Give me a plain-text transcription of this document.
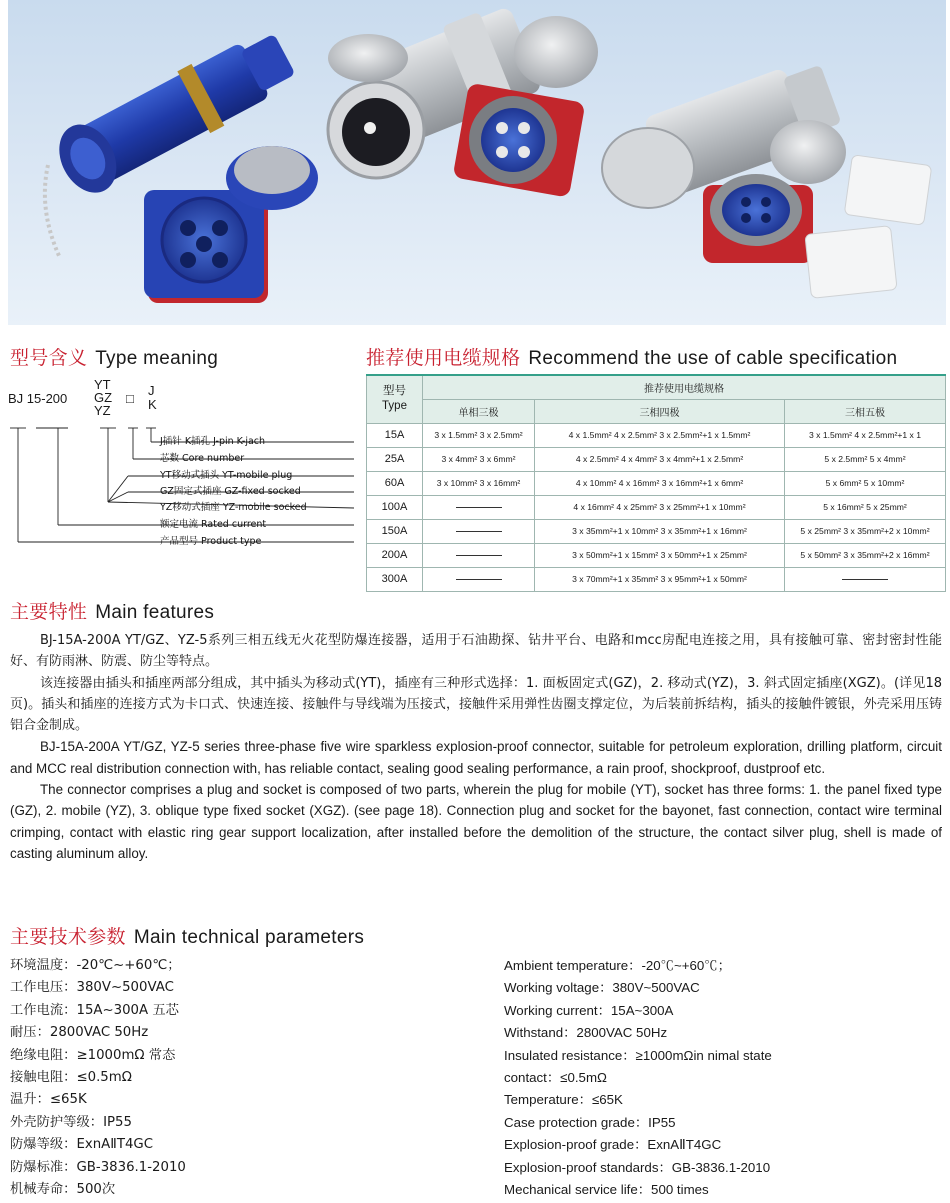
型号含义 Type meaning
BJ 15-200
YT
GZ
YZ
□
J
K
J插针 K插孔 J-pin K-jach
芯数 Core number
YT移动式插头 YT-mobile plug
GZ固定式插座 GZ-fixed socked
YZ移动式插座 YZ-mobile socked
额定电流 Rated current
产品型号 Product type
推荐使用电缆规格 Recommend the use of cable specification
型号
Type	推荐使用电缆规格		
	单相三极	三相四极	三相五极
15A	3 x 1.5mm² 3 x 2.5mm²	4 x 1.5mm² 4 x 2.5mm² 3 x 2.5mm²+1 x 1.5mm²	3 x 1.5mm² 4 x 2.5mm²+1 x 1
25A	3 x 4mm² 3 x 6mm²	4 x 2.5mm² 4 x 4mm² 3 x 4mm²+1 x 2.5mm²	5 x 2.5mm² 5 x 4mm²
60A	3 x 10mm² 3 x 16mm²	4 x 10mm² 4 x 16mm² 3 x 16mm²+1 x 6mm²	5 x 6mm² 5 x 10mm²
100A		4 x 16mm² 4 x 25mm² 3 x 25mm²+1 x 10mm²	5 x 16mm² 5 x 25mm²
150A		3 x 35mm²+1 x 10mm² 3 x 35mm²+1 x 16mm²	5 x 25mm² 3 x 35mm²+2 x 10mm²
200A		3 x 50mm²+1 x 15mm² 3 x 50mm²+1 x 25mm²	5 x 50mm² 3 x 35mm²+2 x 16mm²
300A		3 x 70mm²+1 x 35mm² 3 x 95mm²+1 x 50mm²	
主要特性 Main features

BJ-15A-200A YT/GZ、YZ-5系列三相五线无火花型防爆连接器，适用于石油勘探、钻井平台、电路和mcc房配电连接之用，具有接触可靠、密封密封性能好、有防雨淋、防震、防尘等特点。

该连接器由插头和插座两部分组成，其中插头为移动式(YT)，插座有三种形式选择：1. 面板固定式(GZ)，2. 移动式(YZ)，3. 斜式固定插座(XGZ)。(详见18页)。插头和插座的连接方式为卡口式、快速连接、接触件与导线端为压接式，接触件采用弹性齿圈支撑定位，为后装前拆结构，插头的接触件镀银，外壳采用压铸铝合金制成。

BJ-15A-200A YT/GZ, YZ-5 series three-phase five wire sparkless explosion-proof connector, suitable for petroleum exploration, drilling platform, circuit and MCC real distribution connection with, has reliable contact, sealing good sealing performance, a rain proof, shockproof, dustproof etc.

The connector comprises a plug and socket is composed of two parts, wherein the plug for mobile (YT), socket has three forms: 1. the panel fixed type (GZ), 2. mobile (YZ), 3. oblique type fixed socket (XGZ). (see page 18). Connection plug and socket for the bayonet, fast connection, contact wire terminal crimping, contact with elastic ring gear support localization, after installed before the demolition of the structure, the contact silver plug, shell is made of casting aluminum alloy.

主要技术参数 Main technical parameters
环境温度：-20℃~+60℃；
工作电压：380V~500VAC
工作电流：15A~300A 五芯
耐压：2800VAC 50Hz
绝缘电阻：≥1000mΩ 常态
接触电阻：≤0.5mΩ
温升：≤65K
外壳防护等级：IP55
防爆等级：ExnAⅡT4GC
防爆标准：GB-3836.1-2010
机械寿命：500次
Ambient temperature：-20℃~+60℃；
Working voltage：380V~500VAC
Working current：15A~300A
Withstand：2800VAC 50Hz
Insulated resistance：≥1000mΩin nimal state
contact：≤0.5mΩ
Temperature：≤65K
Case protection grade：IP55
Explosion-proof grade：ExnAⅡT4GC
Explosion-proof standards：GB-3836.1-2010
Mechanical service life：500 times
